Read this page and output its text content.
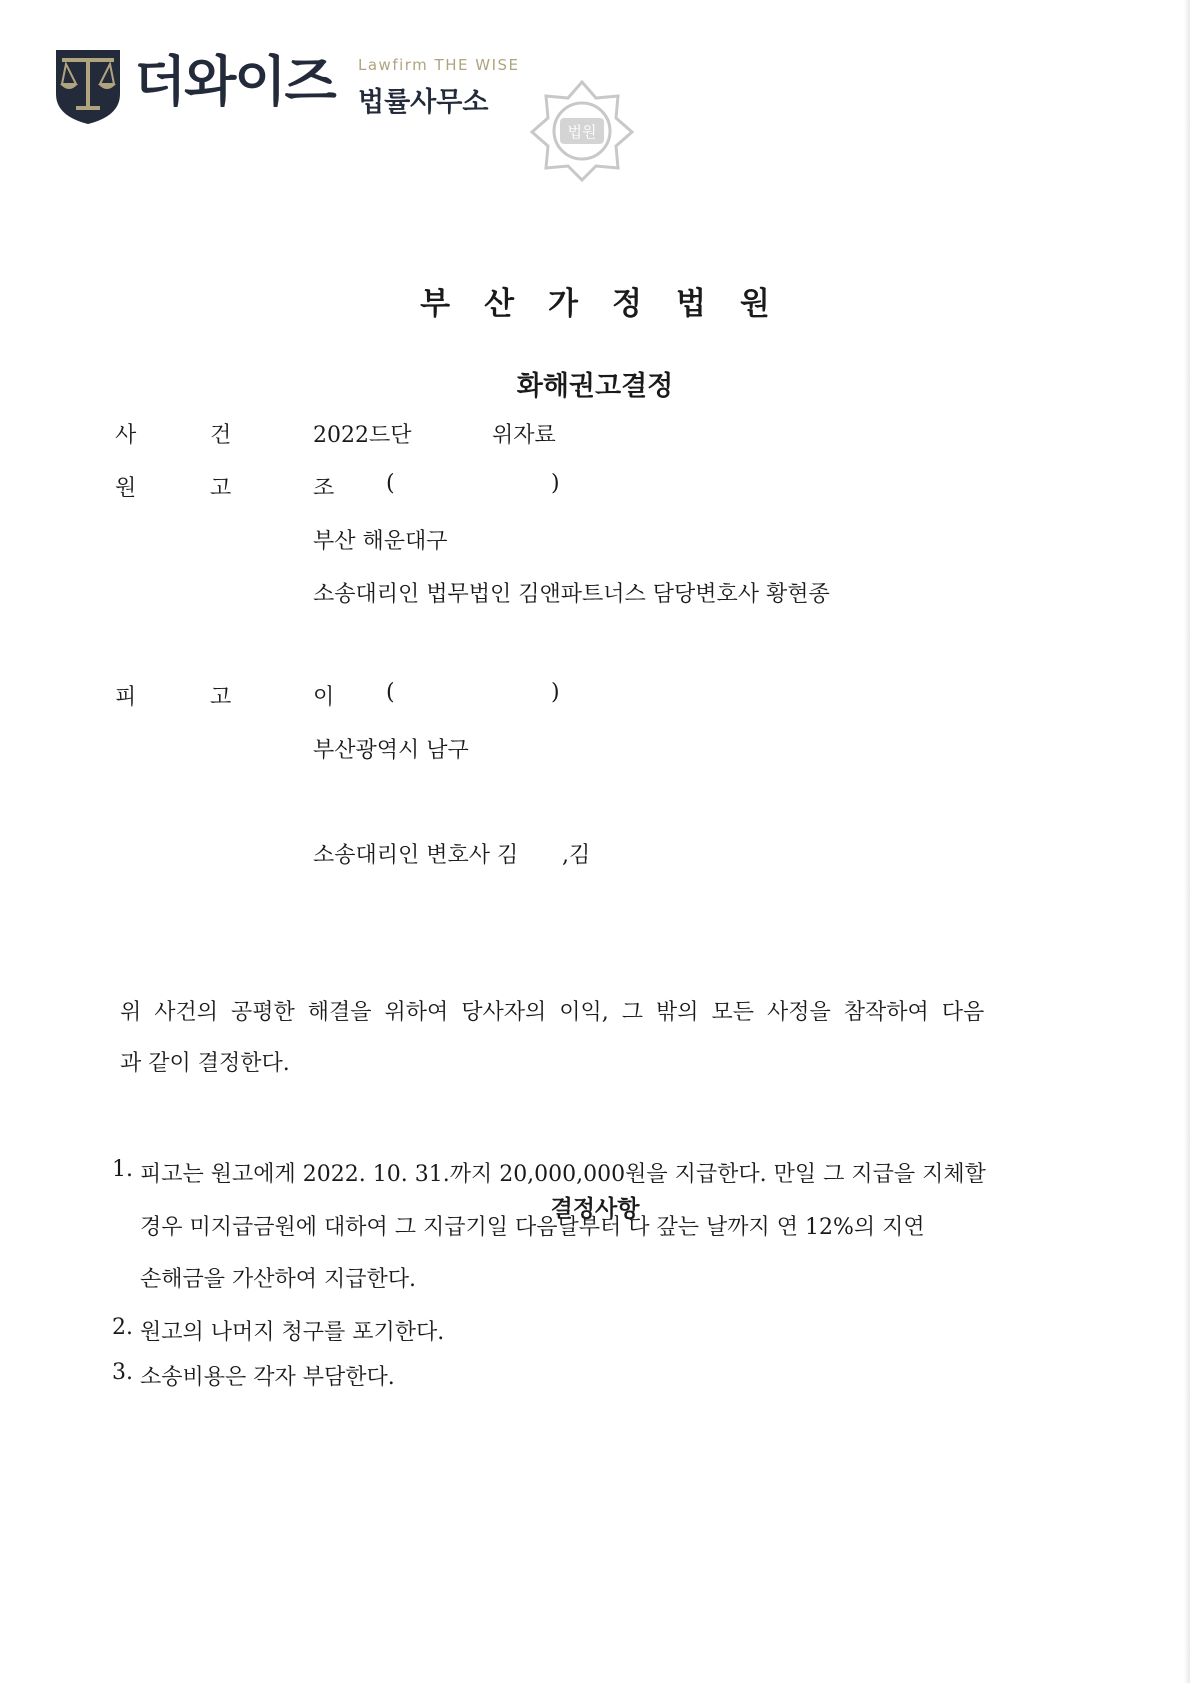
더와이즈 Lawfirm THE WISE
법률사무소
법원
부산가정법원
화해권고결정
사	건	2022드단	위자료
원	고	조 (	)
부산 해운대구
소송대리인 법무법인 김앤파트너스 담당변호사 황현종
피	고	이 (	)
부산광역시 남구
소송대리인 변호사 김 ,김
위 사건의 공평한 해결을 위하여 당사자의 이익, 그 밖의 모든 사정을 참작하여 다음
과 같이 결정한다.
결정사항
1. 피고는 원고에게 2022. 10. 31.까지 20,000,000원을 지급한다. 만일 그 지급을 지체할
경우 미지급금원에 대하여 그 지급기일 다음날부터 다 갚는 날까지 연 12%의 지연
손해금을 가산하여 지급한다.
2. 원고의 나머지 청구를 포기한다.
3. 소송비용은 각자 부담한다.
